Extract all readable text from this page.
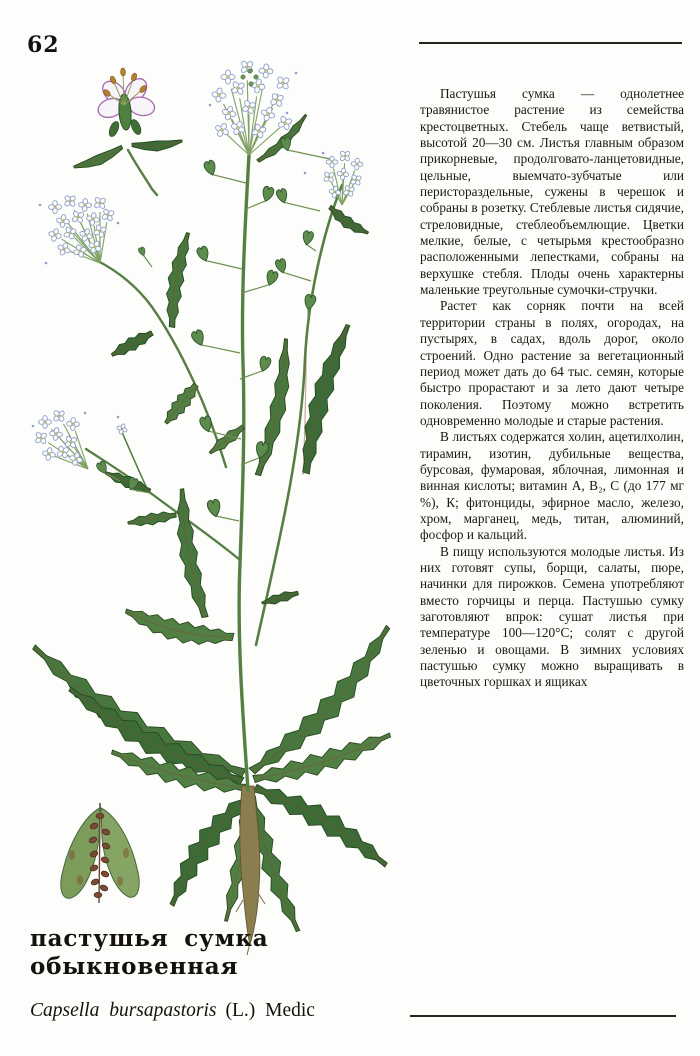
62

Пастушья сумка — однолетнее травянистое растение из семейства крестоцветных. Стебель чаще ветвистый, высотой 20—30 см. Листья главным образом прикорневые, продолговато-ланцетовидные, цельные, выемчато-зубчатые или перистораздельные, сужены в черешок и собраны в розетку. Стеблевые листья сидячие, стреловидные, стеблеобъемлющие. Цветки мелкие, белые, с четырьмя крестообразно расположенными лепестками, собраны на верхушке стебля. Плоды очень характерны маленькие треугольные сумочки-стручки.

Растет как сорняк почти на всей территории страны в полях, огородах, на пустырях, в садах, вдоль дорог, около строений. Одно растение за вегетационный период может дать до 64 тыс. семян, которые быстро прорастают и за лето дают четыре поколения. Поэтому можно встретить одновременно молодые и старые растения.

В листьях содержатся холин, ацетилхолин, тирамин, изотин, дубильные вещества, бурсовая, фумаровая, яблочная, лимонная и винная кислоты; витамин А, В₂, С (до 177 мг %), К; фитонциды, эфирное масло, железо, хром, марганец, медь, титан, алюминий, фосфор и кальций.

В пищу используются молодые листья. Из них готовят супы, борщи, салаты, пюре, начинки для пирожков. Семена употребляют вместо горчицы и перца. Пастушью сумку заготовляют впрок: сушат листья при температуре 100—120°С; солят с другой зеленью и овощами. В зимних условиях пастушью сумку можно выращивать в цветочных горшках и ящиках

пастушья сумка
обыкновенная
Capsella bursapastoris (L.) Medic
